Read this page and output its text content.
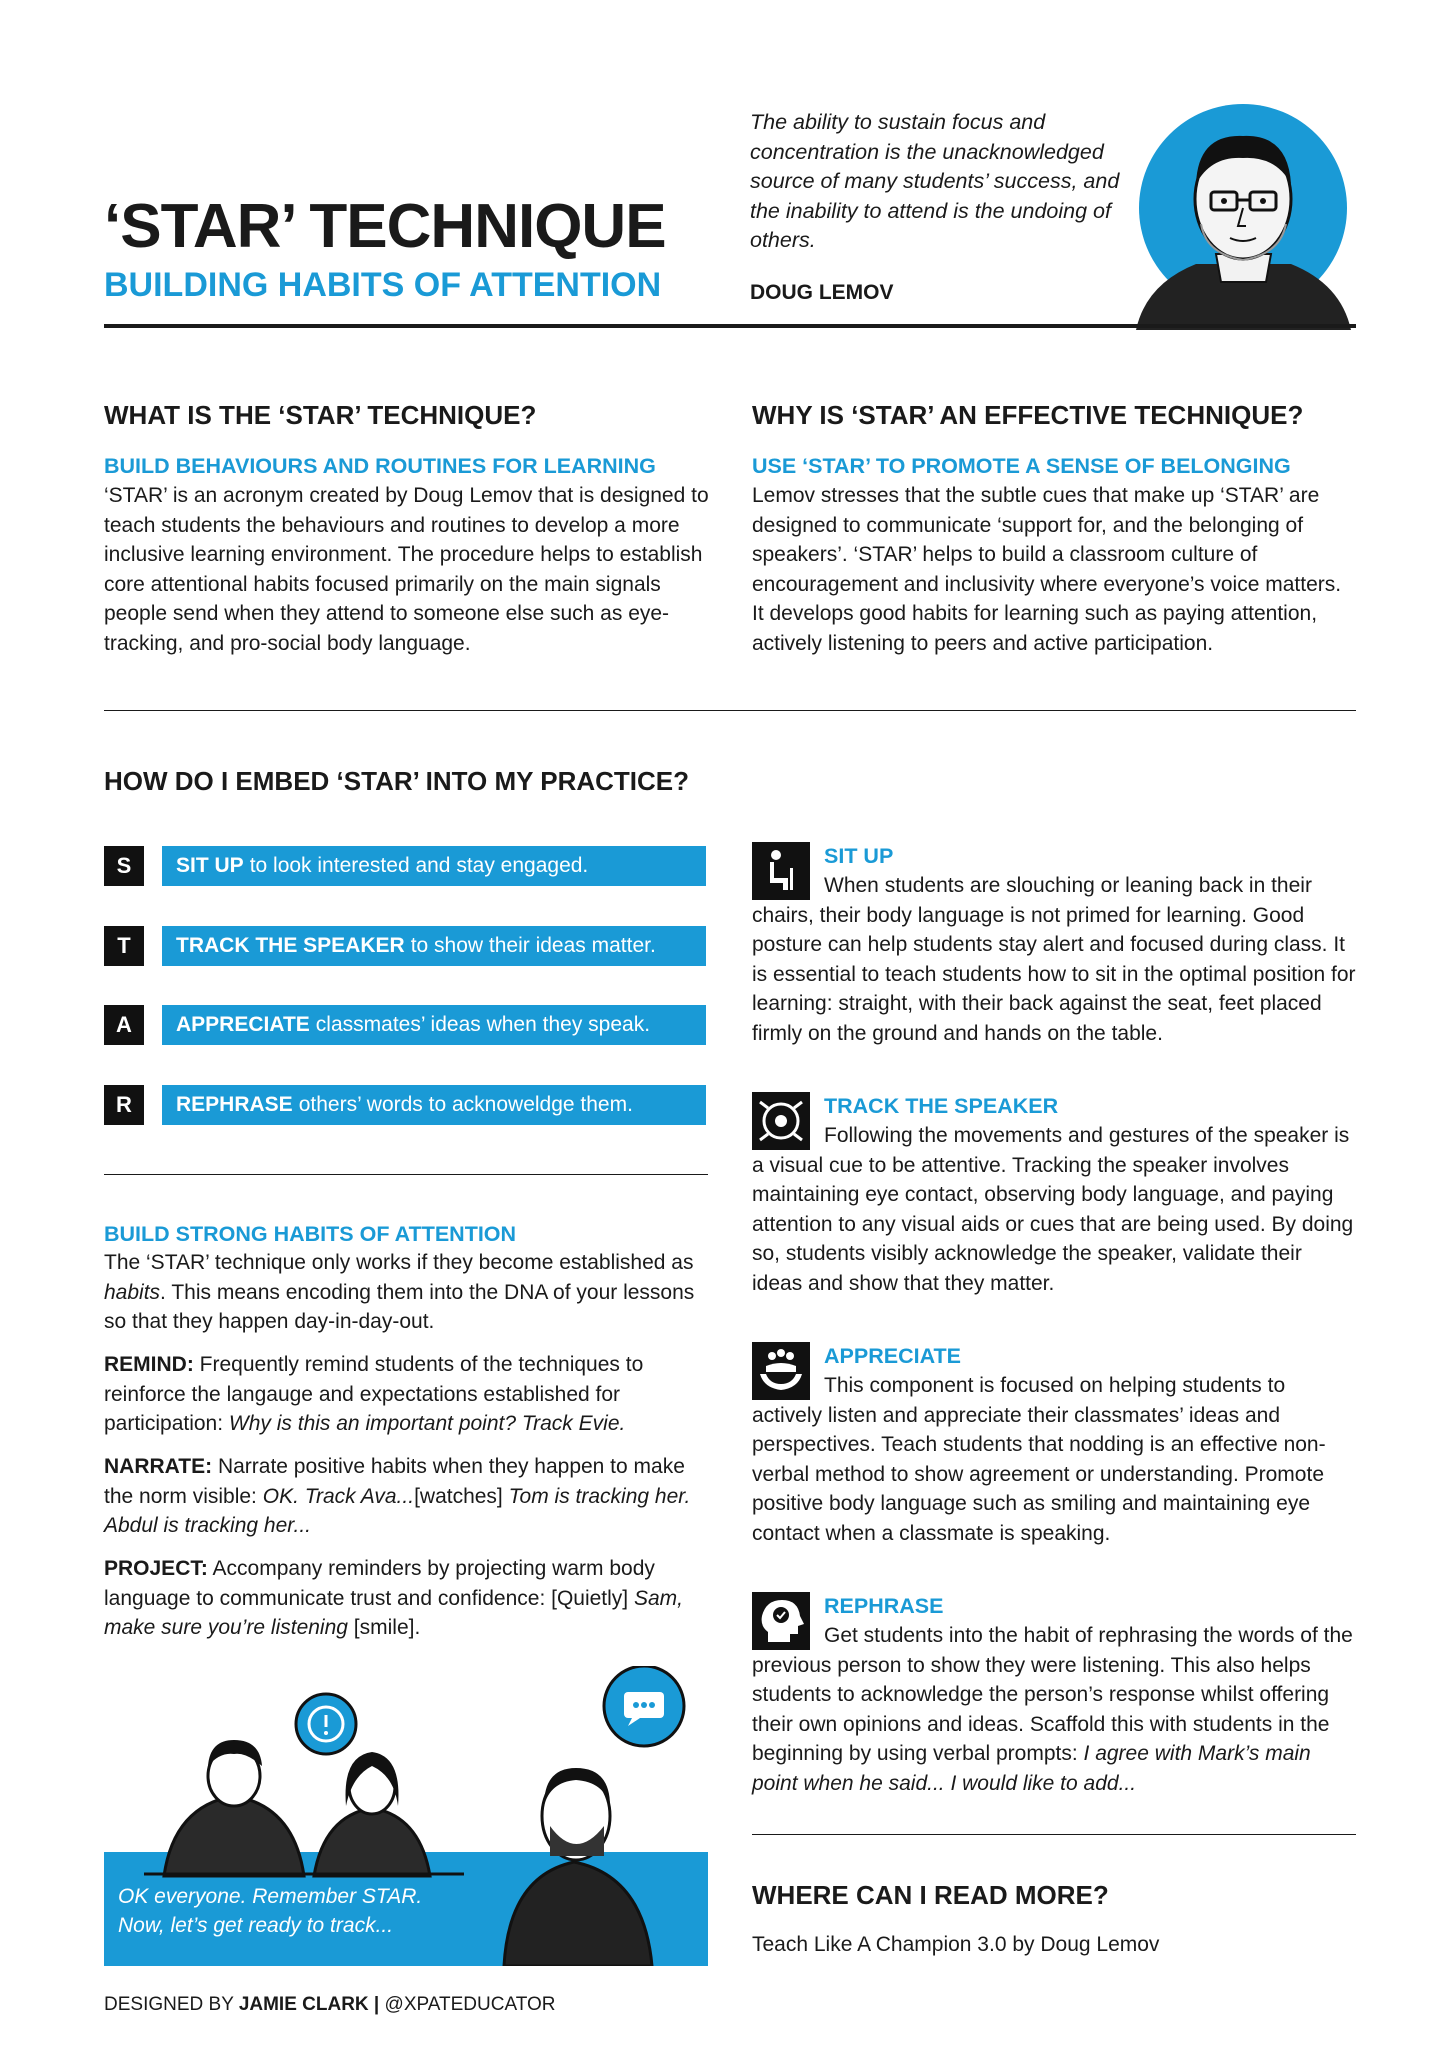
‘STAR’ TECHNIQUE

BUILDING HABITS OF ATTENTION

The ability to sustain focus and concentration is the unacknowledged source of many students’ success, and the inability to attend is the undoing of others.

DOUG LEMOV

WHAT IS THE ‘STAR’ TECHNIQUE?
BUILD BEHAVIOURS AND ROUTINES FOR LEARNING

‘STAR’ is an acronym created by Doug Lemov that is designed to teach students the behaviours and routines to develop a more inclusive learning environment. The procedure helps to establish core attentional habits focused primarily on the main signals people send when they attend to someone else such as eye-tracking, and pro-social body language.

WHY IS ‘STAR’ AN EFFECTIVE TECHNIQUE?
USE ‘STAR’ TO PROMOTE A SENSE OF BELONGING

Lemov stresses that the subtle cues that make up ‘STAR’ are designed to communicate ‘support for, and the belonging of speakers’. ‘STAR’ helps to build a classroom culture of encouragement and inclusivity where everyone’s voice matters. It develops good habits for learning such as paying attention, actively listening to peers and active participation.

HOW DO I EMBED ‘STAR’ INTO MY PRACTICE?
S	SIT UP to look interested and stay engaged.
T	TRACK THE SPEAKER to show their ideas matter.
A	APPRECIATE classmates’ ideas when they speak.
R	REPHRASE others’ words to acknoweldge them.
BUILD STRONG HABITS OF ATTENTION

The ‘STAR’ technique only works if they become established as habits. This means encoding them into the DNA of your lessons so that they happen day-in-day-out.

REMIND: Frequently remind students of the techniques to reinforce the langauge and expectations established for participation: Why is this an important point? Track Evie.

NARRATE: Narrate positive habits when they happen to make the norm visible: OK. Track Ava...[watches] Tom is tracking her. Abdul is tracking her...

PROJECT: Accompany reminders by projecting warm body language to communicate trust and confidence: [Quietly] Sam, make sure you’re listening [smile].

OK everyone. Remember STAR.
Now, let’s get ready to track...

SIT UP

When students are slouching or leaning back in their chairs, their body language is not primed for learning. Good posture can help students stay alert and focused during class. It is essential to teach students how to sit in the optimal position for learning: straight, with their back against the seat, feet placed firmly on the ground and hands on the table.

TRACK THE SPEAKER

Following the movements and gestures of the speaker is a visual cue to be attentive. Tracking the speaker involves maintaining eye contact, observing body language, and paying attention to any visual aids or cues that are being used. By doing so, students visibly acknowledge the speaker, validate their ideas and show that they matter.

APPRECIATE

This component is focused on helping students to actively listen and appreciate their classmates’ ideas and perspectives. Teach students that nodding is an effective non-verbal method to show agreement or understanding. Promote positive body language such as smiling and maintaining eye contact when a classmate is speaking.

REPHRASE

Get students into the habit of rephrasing the words of the previous person to show they were listening. This also helps students to acknowledge the person’s response whilst offering their own opinions and ideas. Scaffold this with students in the beginning by using verbal prompts: I agree with Mark’s main point when he said... I would like to add...

WHERE CAN I READ MORE?

Teach Like A Champion 3.0 by Doug Lemov

DESIGNED BY JAMIE CLARK | @XPATEDUCATOR
